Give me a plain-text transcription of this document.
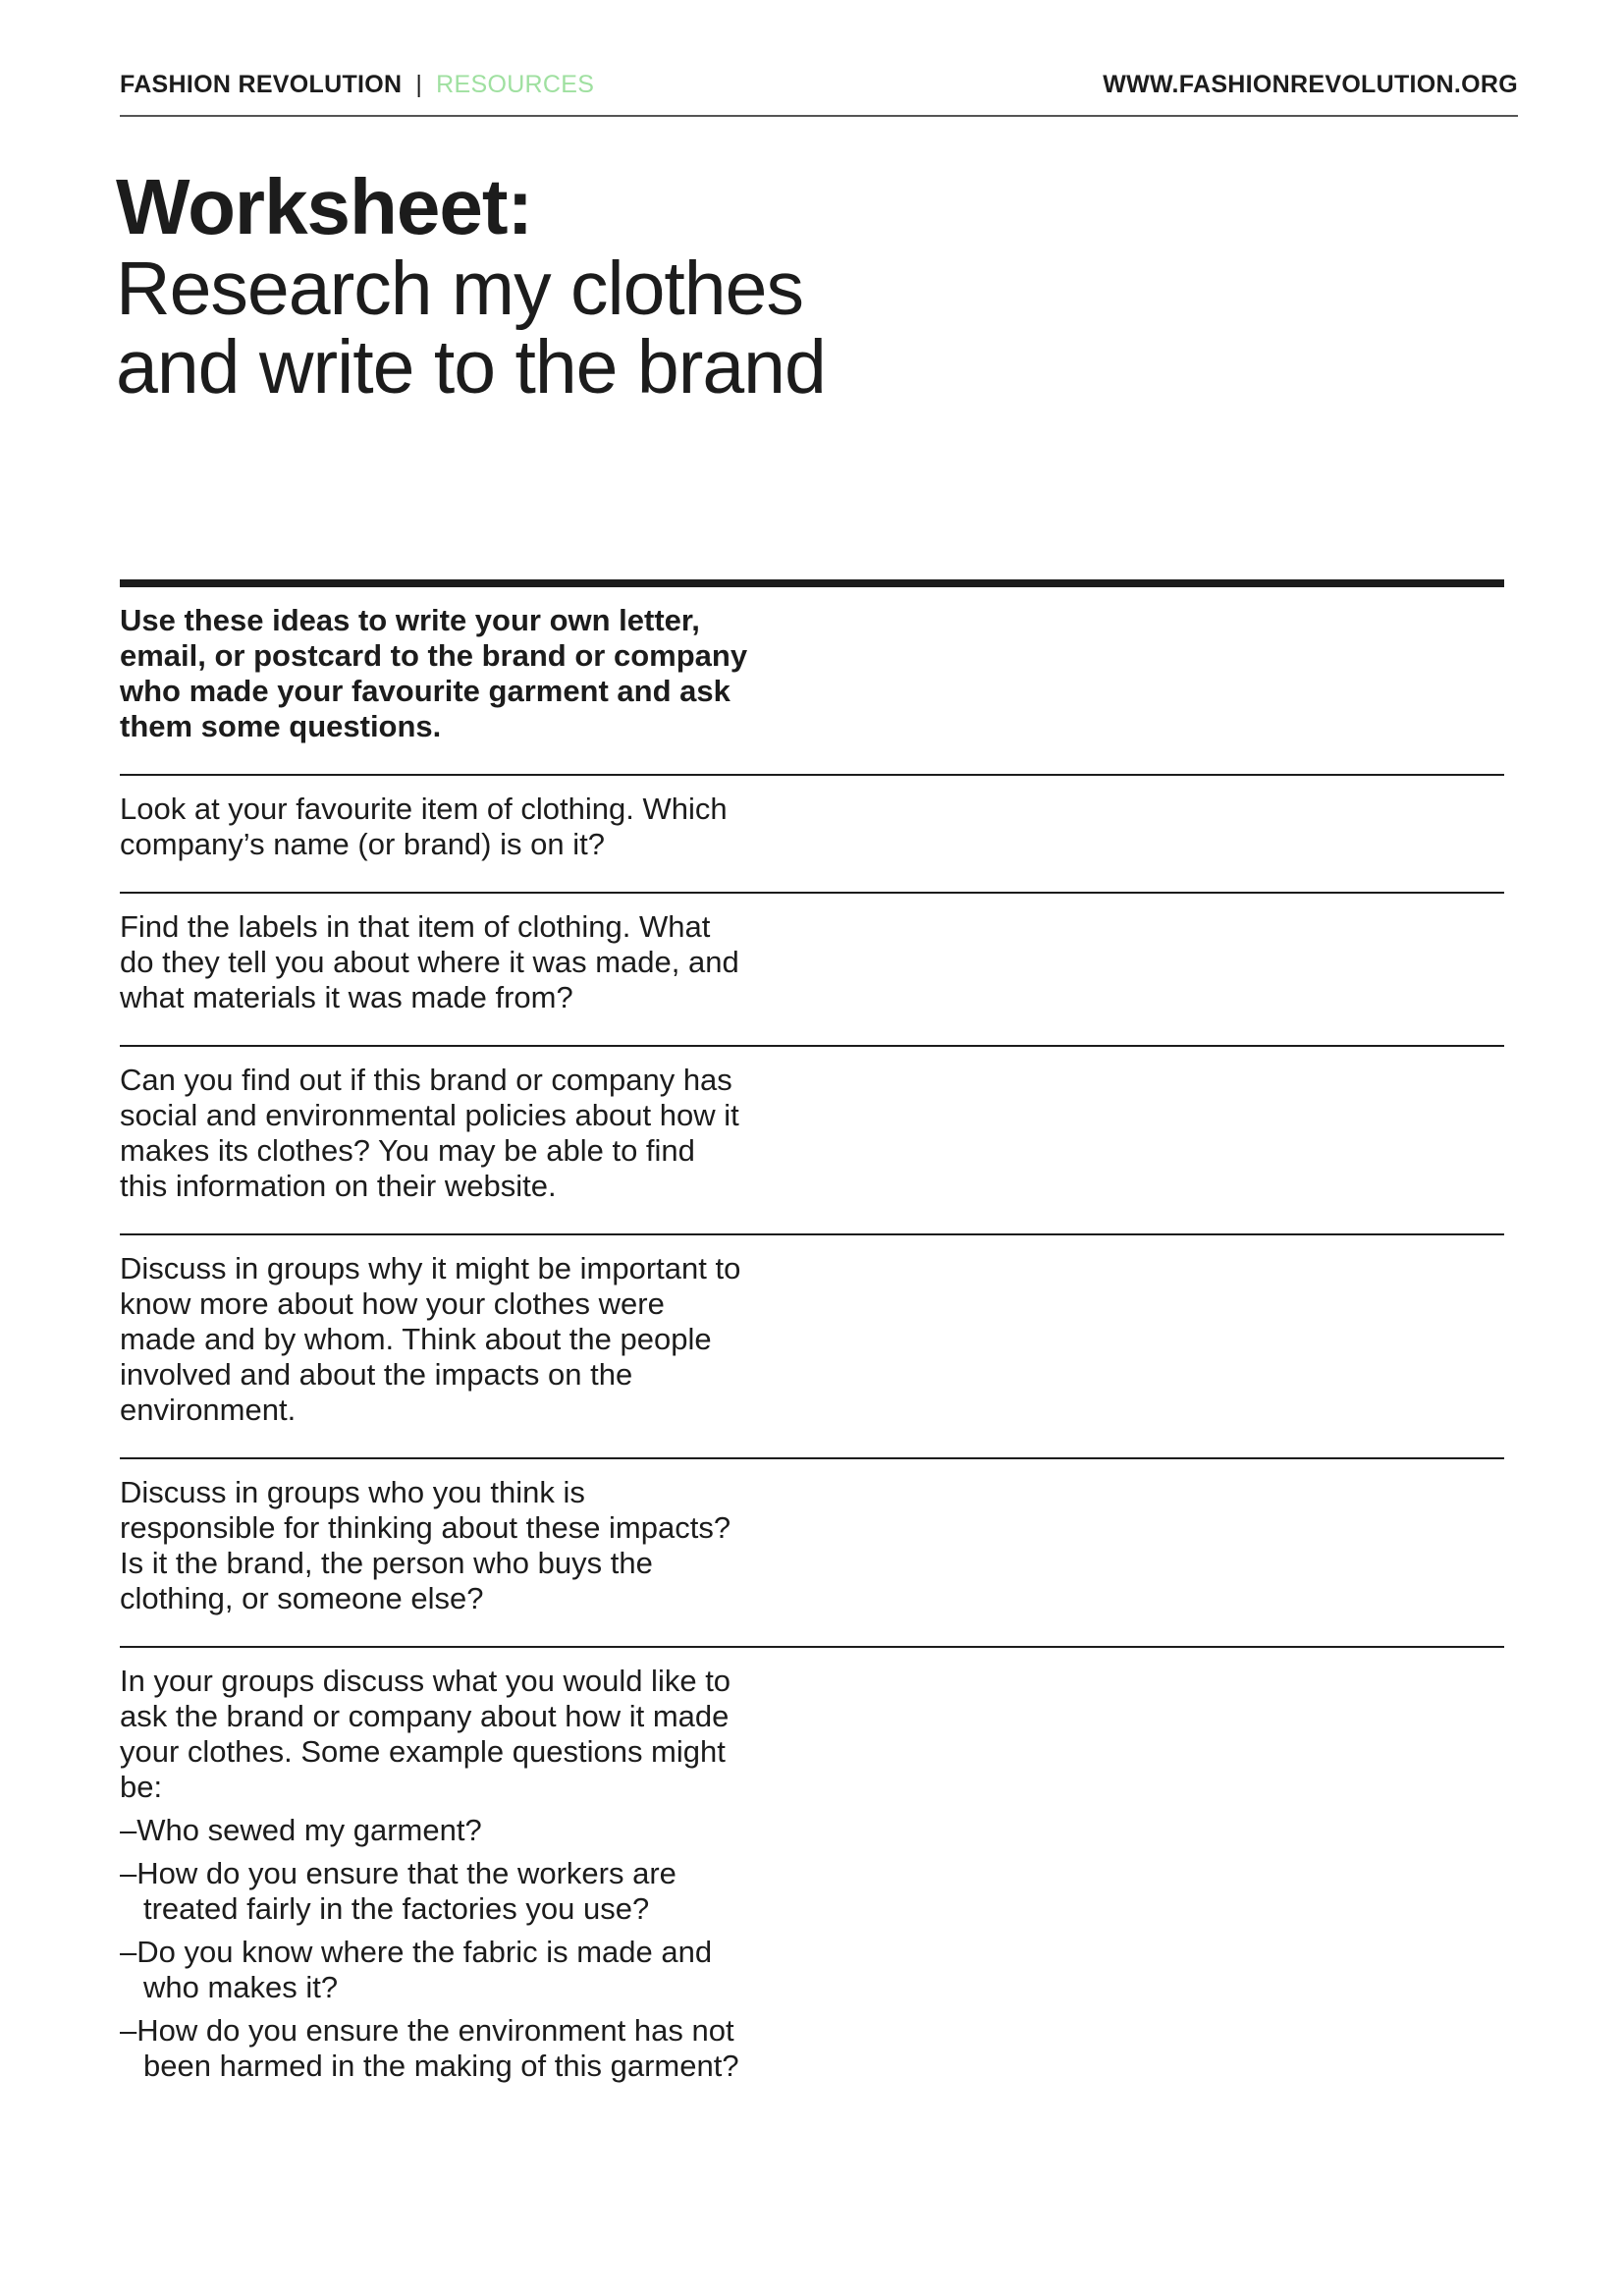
FASHION REVOLUTION | RESOURCES	WWW.FASHIONREVOLUTION.ORG
Worksheet:
Research my clothes
and write to the brand

Use these ideas to write your own letter, email, or postcard to the brand or company who made your favourite garment and ask them some questions.

Look at your favourite item of clothing. Which company’s name (or brand) is on it?

Find the labels in that item of clothing. What do they tell you about where it was made, and what materials it was made from?

Can you find out if this brand or company has social and environmental policies about how it makes its clothes? You may be able to find this information on their website.

Discuss in groups why it might be important to know more about how your clothes were made and by whom. Think about the people involved and about the impacts on the environment.

Discuss in groups who you think is responsible for thinking about these impacts? Is it the brand, the person who buys the clothing, or someone else?

In your groups discuss what you would like to ask the brand or company about how it made your clothes. Some example questions might be:

–Who sewed my garment?
–How do you ensure that the workers are treated fairly in the factories you use?
–Do you know where the fabric is made and who makes it?
–How do you ensure the environment has not been harmed in the making of this garment?
